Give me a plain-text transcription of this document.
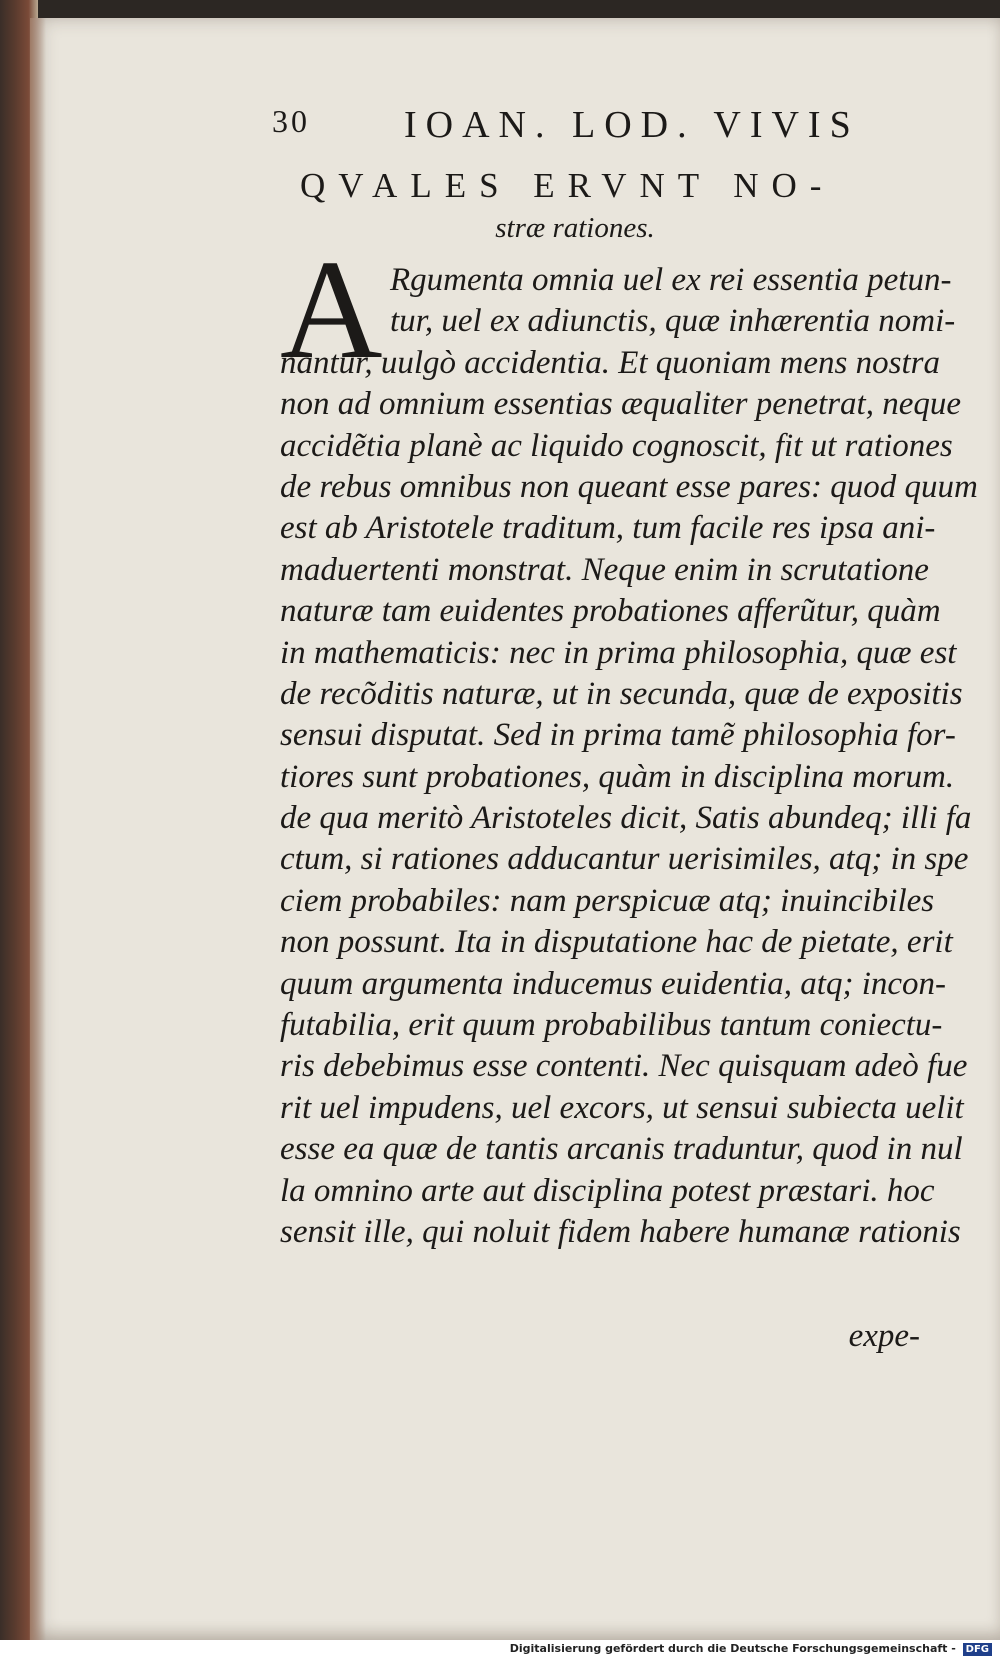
30 IOAN. LOD. VIVIS
QVALES ERVNT NO-
stræ rationes.
A Rgumenta omnia uel ex rei essentia petun-
tur, uel ex adiunctis, quæ inhærentia nomi-
nantur, uulgò accidentia. Et quoniam mens nostra
non ad omnium essentias æqualiter penetrat, neque
accidẽtia planè ac liquido cognoscit, fit ut rationes
de rebus omnibus non queant esse pares: quod quum
est ab Aristotele traditum, tum facile res ipsa ani-
maduertenti monstrat. Neque enim in scrutatione
naturæ tam euidentes probationes afferũtur, quàm
in mathematicis: nec in prima philosophia, quæ est
de recõditis naturæ, ut in secunda, quæ de expositis
sensui disputat. Sed in prima tamẽ philosophia for-
tiores sunt probationes, quàm in disciplina morum.
de qua meritò Aristoteles dicit, Satis abundeq; illi fa
ctum, si rationes adducantur uerisimiles, atq; in spe
ciem probabiles: nam perspicuæ atq; inuincibiles
non possunt. Ita in disputatione hac de pietate, erit
quum argumenta inducemus euidentia, atq; incon-
futabilia, erit quum probabilibus tantum coniectu-
ris debebimus esse contenti. Nec quisquam adeò fue
rit uel impudens, uel excors, ut sensui subiecta uelit
esse ea quæ de tantis arcanis traduntur, quod in nul
la omnino arte aut disciplina potest præstari. hoc
sensit ille, qui noluit fidem habere humanæ rationis
expe-
Digitalisierung gefördert durch die Deutsche Forschungsgemeinschaft - DFG
